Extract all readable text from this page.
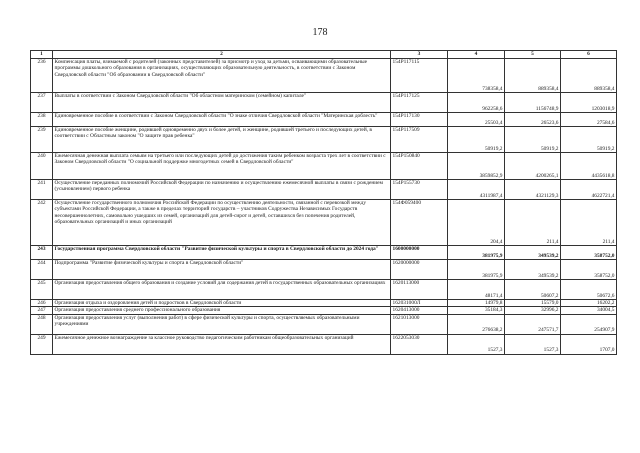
178
1	2	3	4	5	6
236	Компенсация платы, взимаемой с родителей (законных представителей) за присмотр и уход за детьми, осваивающими образовательные программы дошкольного образования в организациях, осуществляющих образовательную деятельность, в соответствии с Законом Свердловской области "Об образовании в Свердловской области"	154Р117115	738358,4	889358,4	889358,4
237	Выплаты в соответствии с Законом Свердловской области "Об областном материнском (семейном) капитале"	154Р117125	962258,6	1156748,9	1203018,9
238	Единовременное пособие в соответствии с Законом Свердловской области "О знаке отличия Свердловской области "Материнская доблесть"	154Р117130	25503,4	26523,6	27584,6
239	Единовременное пособие женщине, родившей одновременно двух и более детей, и женщине, родившей третьего и последующих детей, в соответствии с Областным законом "О защите прав ребенка"	154Р117509	50919,2	50919,2	50919,2
240	Ежемесячная денежная выплата семьям на третьего или последующих детей до достижения таким ребенком возраста трех лет в соответствии с Законом Свердловской области "О социальной поддержке многодетных семей в Свердловской области"	154Р150840	3859852,9	4200265,1	4435618,8
241	Осуществление переданных полномочий Российской Федерации по назначению и осуществлению ежемесячной выплаты в связи с рождением (усыновлением) первого ребенка	154Р155730	4311987,4	4321129,3	4622721,4
242	Осуществление государственного полномочия Российской Федерации по осуществлению деятельности, связанной с перевозкой между субъектами Российской Федерации, а также в пределах территорий государств – участников Содружества Независимых Государств несовершеннолетних, самовольно ушедших из семей, организаций для детей-сирот и детей, оставшихся без попечения родителей, образовательных организаций и иных организаций	154Ф059400	204,4	211,4	211,4
243	Государственная программа Свердловской области "Развитие физической культуры и спорта в Свердловской области до 2024 года"	1600000000	381975,9	349539,2	358752,0
244	Подпрограмма "Развитие физической культуры и спорта в Свердловской области"	1620000000	381975,9	349539,2	358752,0
245	Организация предоставления общего образования и создание условий для содержания детей в государственных образовательных организациях	1620113000	48171,4	50607,2	50672,6
246	Организация отдыха и оздоровления детей и подростков в Свердловской области	162031000Л	14979,8	15579,0	16202,2
247	Организация предоставления среднего профессионального образования	1620413000	35184,3	32996,2	34004,5
248	Организация предоставления услуг (выполнения работ) в сфере физической культуры и спорта, осуществляемых образовательными учреждениями	1621013000	276638,2	247571,7	254907,9
249	Ежемесячное денежное вознаграждение за классное руководство педагогическим работникам общеобразовательных организаций	1622053030	1527,3	1527,3	1707,0
